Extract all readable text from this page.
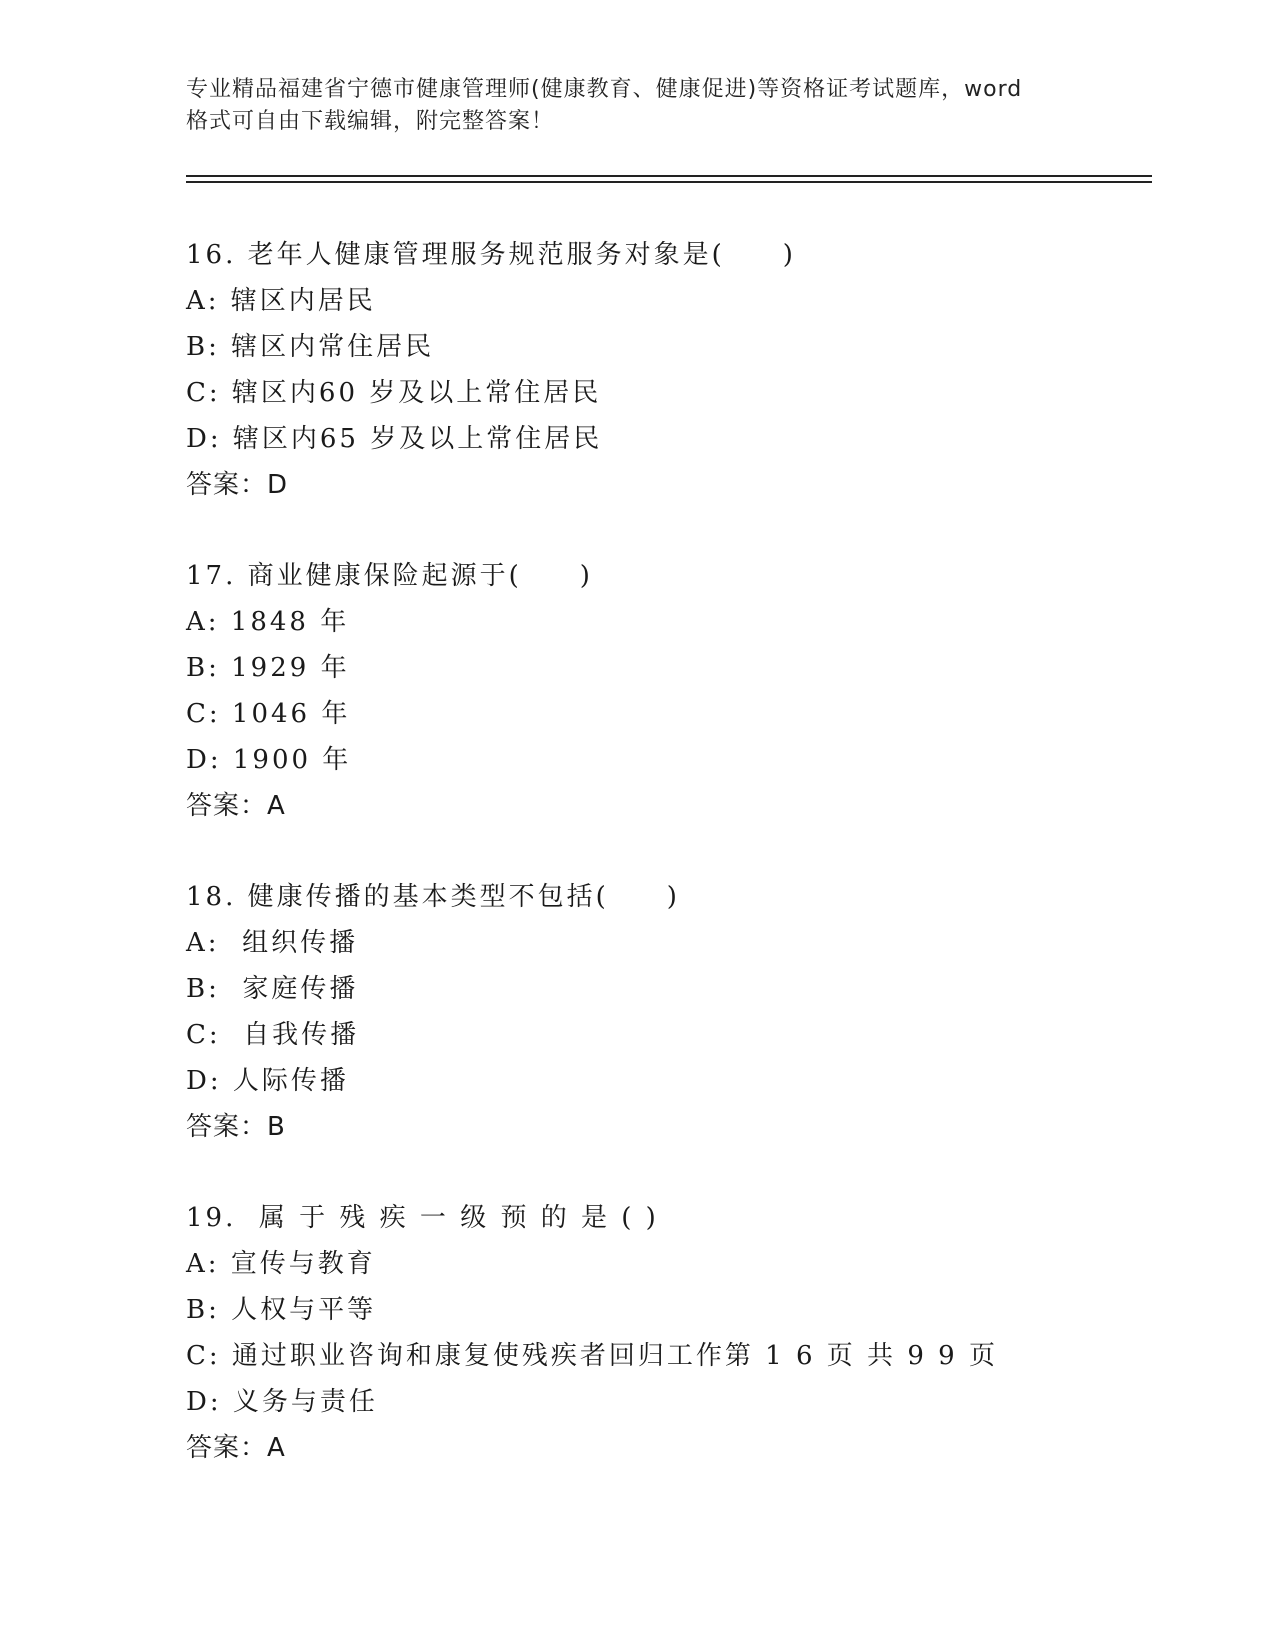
专业精品福建省宁德市健康管理师(健康教育、健康促进)等资格证考试题库，word
格式可自由下载编辑，附完整答案！
16. 老年人健康管理服务规范服务对象是(　　)
A: 辖区内居民
B: 辖区内常住居民
C: 辖区内60 岁及以上常住居民
D: 辖区内65 岁及以上常住居民
答案：D
17. 商业健康保险起源于(　　)
A: 1848 年
B: 1929 年
C: 1046 年
D: 1900 年
答案：A
18. 健康传播的基本类型不包括(　　)
A:  组织传播
B:  家庭传播
C:  自我传播
D: 人际传播
答案：B
19.  属 于 残 疾 一 级 预 的 是 ( )
A: 宣传与教育
B: 人权与平等
C: 通过职业咨询和康复使残疾者回归工作第 1 6 页 共 9 9 页
D: 义务与责任
答案：A
